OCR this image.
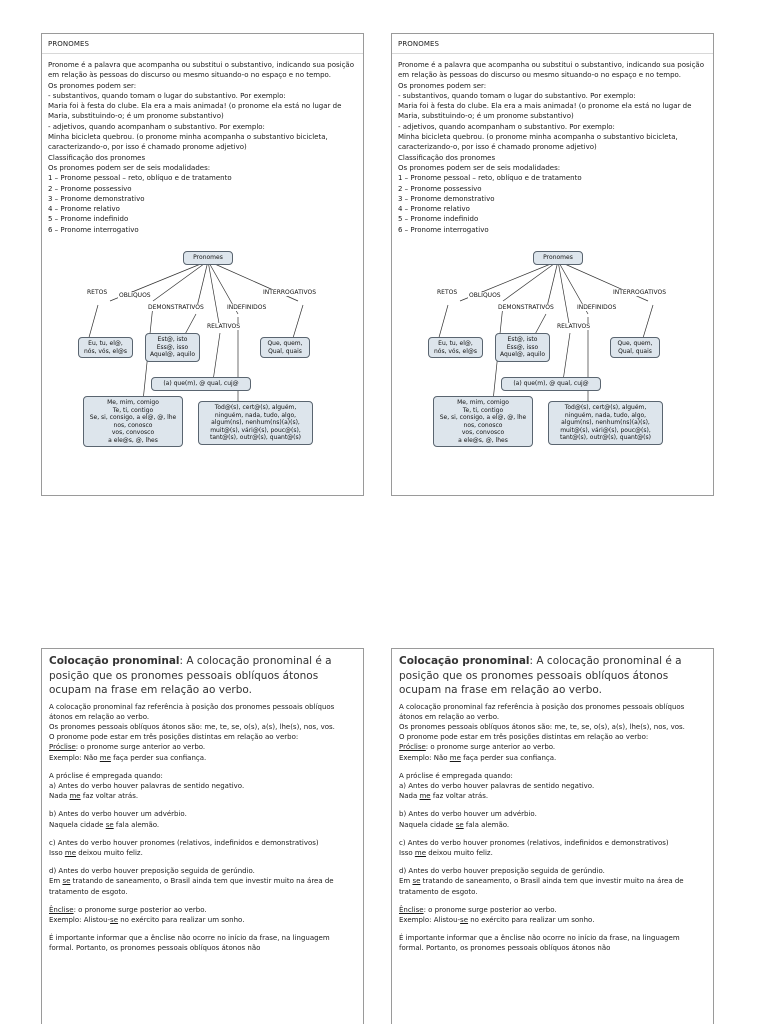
PRONOMES

Pronome é a palavra que acompanha ou substitui o substantivo, indicando sua posição em relação às pessoas do discurso ou mesmo situando-o no espaço e no tempo.

Os pronomes podem ser:

- substantivos, quando tomam o lugar do substantivo. Por exemplo:

Maria foi à festa do clube. Ela era a mais animada! (o pronome ela está no lugar de Maria, substituindo-o; é um pronome substantivo)

- adjetivos, quando acompanham o substantivo. Por exemplo:

Minha bicicleta quebrou. (o pronome minha acompanha o substantivo bicicleta, caracterizando-o, por isso é chamado pronome adjetivo)

Classificação dos pronomes

Os pronomes podem ser de seis modalidades:

1 – Pronome pessoal – reto, oblíquo e de tratamento

2 – Pronome possessivo

3 – Pronome demonstrativo

4 – Pronome relativo

5 – Pronome indefinido

6 – Pronome interrogativo

Pronomes
RETOS OBLÍQUOS
DEMONSTRATIVOS	INDEFINIDOS
RELATIVOS
INTERROGATIVOS
Eu, tu, el@,
nós, vós, el@s
Est@, isto
Ess@, isso
Aquel@, aquilo
Que, quem,
Qual, quais
(a) que(m), @ qual, cuj@
Me, mim, comigo
Te, ti, contigo
Se, si, consigo, a el@, @, lhe
nos, conosco
vos, convosco
a ele@s, @, lhes
Tod@(s), cert@(s), alguém,
ninguém, nada, tudo, algo,
algum(ns), nenhum(ns)(a)(s),
muit@(s), vári@(s), pouc@(s),
tant@(s), outr@(s), quant@(s)
PRONOMES

Pronome é a palavra que acompanha ou substitui o substantivo, indicando sua posição em relação às pessoas do discurso ou mesmo situando-o no espaço e no tempo.

Os pronomes podem ser:

- substantivos, quando tomam o lugar do substantivo. Por exemplo:

Maria foi à festa do clube. Ela era a mais animada! (o pronome ela está no lugar de Maria, substituindo-o; é um pronome substantivo)

- adjetivos, quando acompanham o substantivo. Por exemplo:

Minha bicicleta quebrou. (o pronome minha acompanha o substantivo bicicleta, caracterizando-o, por isso é chamado pronome adjetivo)

Classificação dos pronomes

Os pronomes podem ser de seis modalidades:

1 – Pronome pessoal – reto, oblíquo e de tratamento

2 – Pronome possessivo

3 – Pronome demonstrativo

4 – Pronome relativo

5 – Pronome indefinido

6 – Pronome interrogativo

Pronomes
RETOS OBLÍQUOS
DEMONSTRATIVOS	INDEFINIDOS
RELATIVOS
INTERROGATIVOS
Eu, tu, el@,
nós, vós, el@s
Est@, isto
Ess@, isso
Aquel@, aquilo
Que, quem,
Qual, quais
(a) que(m), @ qual, cuj@
Me, mim, comigo
Te, ti, contigo
Se, si, consigo, a el@, @, lhe
nos, conosco
vos, convosco
a ele@s, @, lhes
Tod@(s), cert@(s), alguém,
ninguém, nada, tudo, algo,
algum(ns), nenhum(ns)(a)(s),
muit@(s), vári@(s), pouc@(s),
tant@(s), outr@(s), quant@(s)
Colocação pronominal: A colocação pronominal é a posição que os pronomes pessoais oblíquos átonos ocupam na frase em relação ao verbo.

A colocação pronominal faz referência à posição dos pronomes pessoais oblíquos átonos em relação ao verbo.

Os pronomes pessoais oblíquos átonos são: me, te, se, o(s), a(s), lhe(s), nos, vos.

O pronome pode estar em três posições distintas em relação ao verbo:

Próclise: o pronome surge anterior ao verbo.

Exemplo: Não me faça perder sua confiança.

A próclise é empregada quando:

a) Antes do verbo houver palavras de sentido negativo.

Nada me faz voltar atrás.

b) Antes do verbo houver um advérbio.

Naquela cidade se fala alemão.

c) Antes do verbo houver pronomes (relativos, indefinidos e demonstrativos)

Isso me deixou muito feliz.

d) Antes do verbo houver preposição seguida de gerúndio.

Em se tratando de saneamento, o Brasil ainda tem que investir muito na área de tratamento de esgoto.

Ênclise: o pronome surge posterior ao verbo.

Exemplo: Alistou-se no exército para realizar um sonho.

É importante informar que a ênclise não ocorre no início da frase, na linguagem formal. Portanto, os pronomes pessoais oblíquos átonos não

Colocação pronominal: A colocação pronominal é a posição que os pronomes pessoais oblíquos átonos ocupam na frase em relação ao verbo.

A colocação pronominal faz referência à posição dos pronomes pessoais oblíquos átonos em relação ao verbo.

Os pronomes pessoais oblíquos átonos são: me, te, se, o(s), a(s), lhe(s), nos, vos.

O pronome pode estar em três posições distintas em relação ao verbo:

Próclise: o pronome surge anterior ao verbo.

Exemplo: Não me faça perder sua confiança.

A próclise é empregada quando:

a) Antes do verbo houver palavras de sentido negativo.

Nada me faz voltar atrás.

b) Antes do verbo houver um advérbio.

Naquela cidade se fala alemão.

c) Antes do verbo houver pronomes (relativos, indefinidos e demonstrativos)

Isso me deixou muito feliz.

d) Antes do verbo houver preposição seguida de gerúndio.

Em se tratando de saneamento, o Brasil ainda tem que investir muito na área de tratamento de esgoto.

Ênclise: o pronome surge posterior ao verbo.

Exemplo: Alistou-se no exército para realizar um sonho.

É importante informar que a ênclise não ocorre no início da frase, na linguagem formal. Portanto, os pronomes pessoais oblíquos átonos não
